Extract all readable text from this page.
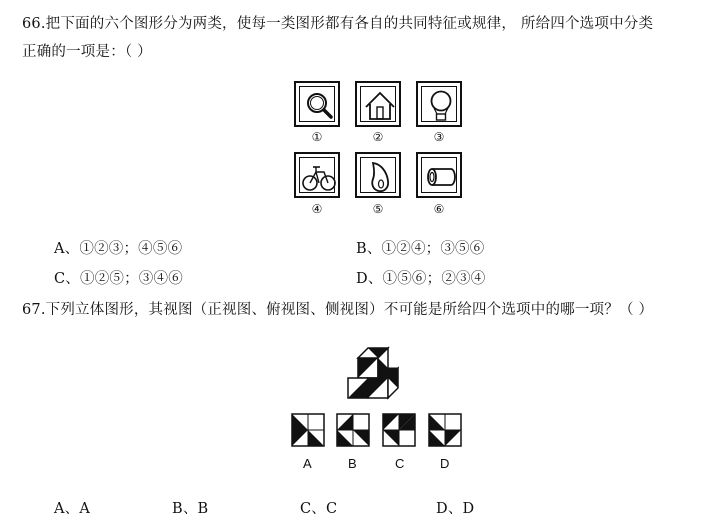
66.把下面的六个图形分为两类，使每一类图形都有各自的共同特征或规律， 所给四个选项中分类
正确的一项是：（ ）
①	②	③
④	⑤	⑥
A、①②③；④⑤⑥	B、①②④；③⑤⑥
C、①②⑤；③④⑥	D、①⑤⑥；②③④
67.下列立体图形，其视图（正视图、俯视图、侧视图）不可能是所给四个选项中的哪一项？（ ）
A	B	C	D
A、A	B、B	C、C	D、D
